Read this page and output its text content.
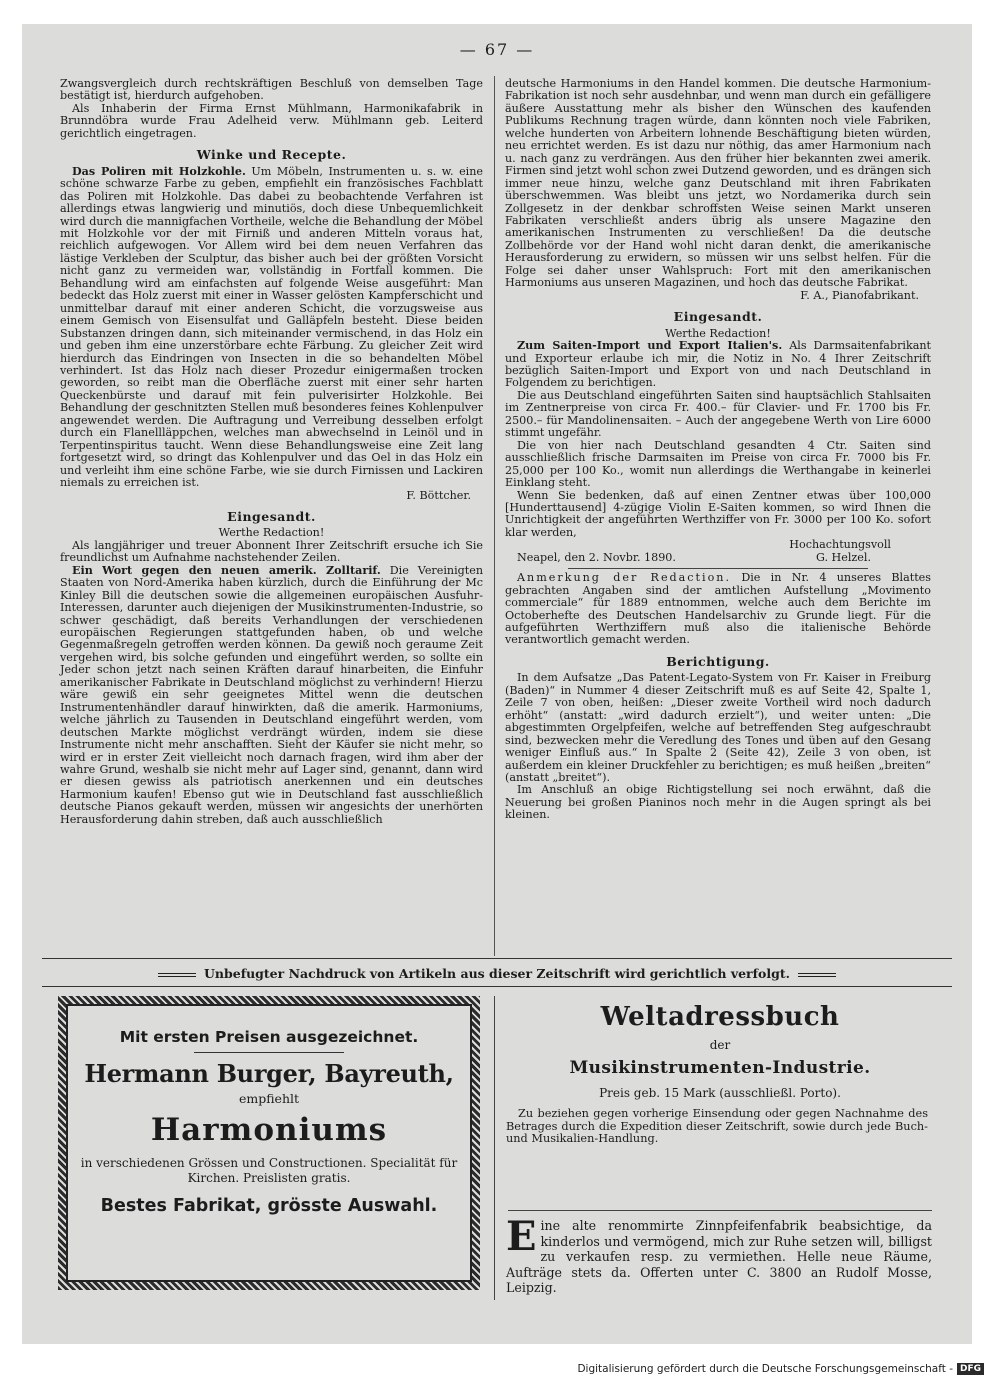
— 67 —

Zwangsvergleich durch rechtskräftigen Beschluß von demselben Tage bestätigt ist, hierdurch aufgehoben.

Als Inhaberin der Firma Ernst Mühlmann, Harmonikafabrik in Brunndöbra wurde Frau Adelheid verw. Mühlmann geb. Leiterd gerichtlich eingetragen.

Winke und Recepte.

Das Poliren mit Holzkohle. Um Möbeln, Instrumenten u. s. w. eine schöne schwarze Farbe zu geben, empfiehlt ein französisches Fachblatt das Poliren mit Holzkohle. Das dabei zu beobachtende Verfahren ist allerdings etwas langwierig und minutiös, doch diese Unbequemlichkeit wird durch die mannigfachen Vortheile, welche die Behandlung der Möbel mit Holzkohle vor der mit Firniß und anderen Mitteln voraus hat, reichlich aufgewogen. Vor Allem wird bei dem neuen Verfahren das lästige Verkleben der Sculptur, das bisher auch bei der größten Vorsicht nicht ganz zu vermeiden war, vollständig in Fortfall kommen. Die Behandlung wird am einfachsten auf folgende Weise ausgeführt: Man bedeckt das Holz zuerst mit einer in Wasser gelösten Kampferschicht und unmittelbar darauf mit einer anderen Schicht, die vorzugsweise aus einem Gemisch von Eisensulfat und Galläpfeln besteht. Diese beiden Substanzen dringen dann, sich miteinander vermischend, in das Holz ein und geben ihm eine unzerstörbare echte Färbung. Zu gleicher Zeit wird hierdurch das Eindringen von Insecten in die so behandelten Möbel verhindert. Ist das Holz nach dieser Prozedur einigermaßen trocken geworden, so reibt man die Oberfläche zuerst mit einer sehr harten Queckenbürste und darauf mit fein pulverisirter Holzkohle. Bei Behandlung der geschnitzten Stellen muß besonderes feines Kohlenpulver angewendet werden. Die Auftragung und Verreibung desselben erfolgt durch ein Flanellläppchen, welches man abwechselnd in Leinöl und in Terpentinspiritus taucht. Wenn diese Behandlungsweise eine Zeit lang fortgesetzt wird, so dringt das Kohlenpulver und das Oel in das Holz ein und verleiht ihm eine schöne Farbe, wie sie durch Firnissen und Lackiren niemals zu erreichen ist.

F. Böttcher.
Eingesandt.
Werthe Redaction!

Als langjähriger und treuer Abonnent Ihrer Zeitschrift ersuche ich Sie freundlichst um Aufnahme nachstehender Zeilen.

Ein Wort gegen den neuen amerik. Zolltarif. Die Vereinigten Staaten von Nord-Amerika haben kürzlich, durch die Einführung der Mc Kinley Bill die deutschen sowie die allgemeinen europäischen Ausfuhr-Interessen, darunter auch diejenigen der Musikinstrumenten-Industrie, so schwer geschädigt, daß bereits Verhandlungen der verschiedenen europäischen Regierungen stattgefunden haben, ob und welche Gegenmaßregeln getroffen werden können. Da gewiß noch geraume Zeit vergehen wird, bis solche gefunden und eingeführt werden, so sollte ein Jeder schon jetzt nach seinen Kräften darauf hinarbeiten, die Einfuhr amerikanischer Fabrikate in Deutschland möglichst zu verhindern! Hierzu wäre gewiß ein sehr geeignetes Mittel wenn die deutschen Instrumentenhändler darauf hinwirkten, daß die amerik. Harmoniums, welche jährlich zu Tausenden in Deutschland eingeführt werden, vom deutschen Markte möglichst verdrängt würden, indem sie diese Instrumente nicht mehr anschafften. Sieht der Käufer sie nicht mehr, so wird er in erster Zeit vielleicht noch darnach fragen, wird ihm aber der wahre Grund, weshalb sie nicht mehr auf Lager sind, genannt, dann wird er diesen gewiss als patriotisch anerkennen und ein deutsches Harmonium kaufen! Ebenso gut wie in Deutschland fast ausschließlich deutsche Pianos gekauft werden, müssen wir angesichts der unerhörten Herausforderung dahin streben, daß auch ausschließlich

deutsche Harmoniums in den Handel kommen. Die deutsche Harmonium-Fabrikation ist noch sehr ausdehnbar, und wenn man durch ein gefälligere äußere Ausstattung mehr als bisher den Wünschen des kaufenden Publikums Rechnung tragen würde, dann könnten noch viele Fabriken, welche hunderten von Arbeitern lohnende Beschäftigung bieten würden, neu errichtet werden. Es ist dazu nur nöthig, das amer Harmonium nach u. nach ganz zu verdrängen. Aus den früher hier bekannten zwei amerik. Firmen sind jetzt wohl schon zwei Dutzend geworden, und es drängen sich immer neue hinzu, welche ganz Deutschland mit ihren Fabrikaten überschwemmen. Was bleibt uns jetzt, wo Nordamerika durch sein Zollgesetz in der denkbar schroffsten Weise seinen Markt unseren Fabrikaten verschließt anders übrig als unsere Magazine den amerikanischen Instrumenten zu verschließen! Da die deutsche Zollbehörde vor der Hand wohl nicht daran denkt, die amerikanische Herausforderung zu erwidern, so müssen wir uns selbst helfen. Für die Folge sei daher unser Wahlspruch: Fort mit den amerikanischen Harmoniums aus unseren Magazinen, und hoch das deutsche Fabrikat.

F. A., Pianofabrikant.
Eingesandt.
Werthe Redaction!

Zum Saiten-Import und Export Italien's. Als Darmsaitenfabrikant und Exporteur erlaube ich mir, die Notiz in No. 4 Ihrer Zeitschrift bezüglich Saiten-Import und Export von und nach Deutschland in Folgendem zu berichtigen.

Die aus Deutschland eingeführten Saiten sind hauptsächlich Stahlsaiten im Zentnerpreise von circa Fr. 400.– für Clavier- und Fr. 1700 bis Fr. 2500.– für Mandolinensaiten. – Auch der angegebene Werth von Lire 6000 stimmt ungefähr.

Die von hier nach Deutschland gesandten 4 Ctr. Saiten sind ausschließlich frische Darmsaiten im Preise von circa Fr. 7000 bis Fr. 25,000 per 100 Ko., womit nun allerdings die Werthangabe in keinerlei Einklang steht.

Wenn Sie bedenken, daß auf einen Zentner etwas über 100,000 [Hunderttausend] 4-zügige Violin E-Saiten kommen, so wird Ihnen die Unrichtigkeit der angeführten Werthziffer von Fr. 3000 per 100 Ko. sofort klar werden,

Hochachtungsvoll
Neapel, den 2. Novbr. 1890.	G. Helzel.

Anmerkung der Redaction. Die in Nr. 4 unseres Blattes gebrachten Angaben sind der amtlichen Aufstellung „Movimento commerciale“ für 1889 entnommen, welche auch dem Berichte im Octoberhefte des Deutschen Handelsarchiv zu Grunde liegt. Für die aufgeführten Werthziffern muß also die italienische Behörde verantwortlich gemacht werden.

Berichtigung.

In dem Aufsatze „Das Patent-Legato-System von Fr. Kaiser in Freiburg (Baden)“ in Nummer 4 dieser Zeitschrift muß es auf Seite 42, Spalte 1, Zeile 7 von oben, heißen: „Dieser zweite Vortheil wird noch dadurch erhöht“ (anstatt: „wird dadurch erzielt“), und weiter unten: „Die abgestimmten Orgelpfeifen, welche auf betreffenden Steg aufgeschraubt sind, bezwecken mehr die Veredlung des Tones und üben auf den Gesang weniger Einfluß aus.“ In Spalte 2 (Seite 42), Zeile 3 von oben, ist außerdem ein kleiner Druckfehler zu berichtigen; es muß heißen „breiten“ (anstatt „breitet“).

Im Anschluß an obige Richtigstellung sei noch erwähnt, daß die Neuerung bei großen Pianinos noch mehr in die Augen springt als bei kleinen.

Unbefugter Nachdruck von Artikeln aus dieser Zeitschrift wird gerichtlich verfolgt.
Mit ersten Preisen ausgezeichnet.
Hermann Burger, Bayreuth,
empfiehlt
Harmoniums
in verschiedenen Grössen und Constructionen. Specialität für Kirchen. Preislisten gratis.
Bestes Fabrikat, grösste Auswahl.
Weltadressbuch
der
Musikinstrumenten-Industrie.
Preis geb. 15 Mark (ausschließl. Porto).
Zu beziehen gegen vorherige Einsendung oder gegen Nachnahme des Betrages durch die Expedition dieser Zeitschrift, sowie durch jede Buch- und Musikalien-Handlung.
Eine alte renommirte Zinnpfeifenfabrik beabsichtige, da kinderlos und vermögend, mich zur Ruhe setzen will, billigst zu verkaufen resp. zu vermiethen. Helle neue Räume, Aufträge stets da. Offerten unter C. 3800 an Rudolf Mosse, Leipzig.
Digitalisierung gefördert durch die Deutsche Forschungsgemeinschaft - DFG
